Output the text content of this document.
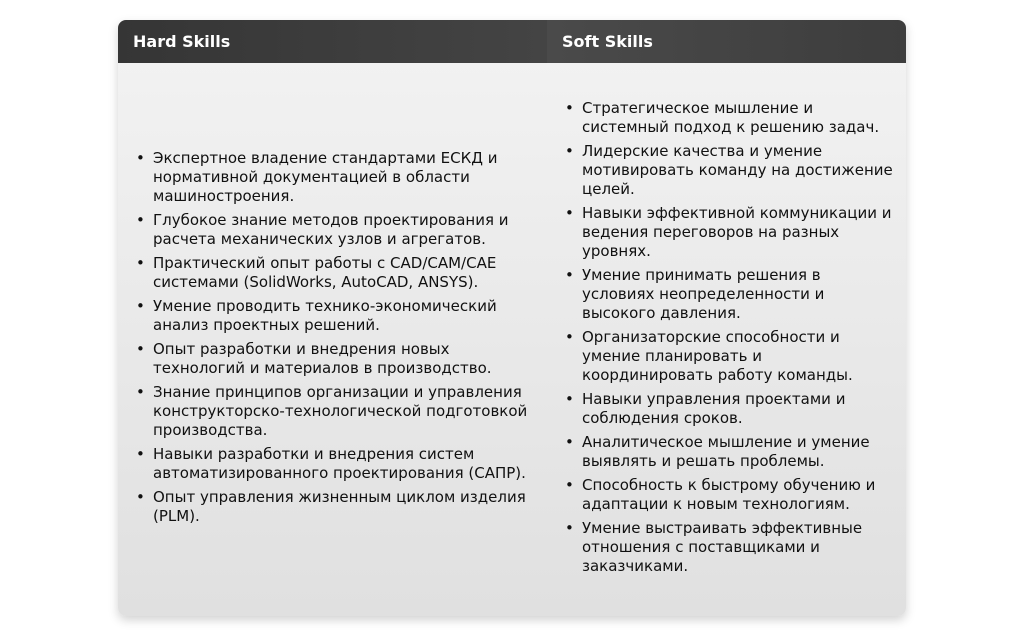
Hard Skills	Soft Skills
• Экспертное владение стандартами ЕСКД и нормативной документацией в области машиностроения.
• Глубокое знание методов проектирования и расчета механических узлов и агрегатов.
• Практический опыт работы с CAD/CAM/CAE системами (SolidWorks, AutoCAD, ANSYS).
• Умение проводить технико-экономический анализ проектных решений.
• Опыт разработки и внедрения новых технологий и материалов в производство.
• Знание принципов организации и управления конструкторско-технологической подготовкой производства.
• Навыки разработки и внедрения систем автоматизированного проектирования (САПР).
• Опыт управления жизненным циклом изделия (PLM).
• Стратегическое мышление и системный подход к решению задач.
• Лидерские качества и умение мотивировать команду на достижение целей.
• Навыки эффективной коммуникации и ведения переговоров на разных уровнях.
• Умение принимать решения в условиях неопределенности и высокого давления.
• Организаторские способности и умение планировать и координировать работу команды.
• Навыки управления проектами и соблюдения сроков.
• Аналитическое мышление и умение выявлять и решать проблемы.
• Способность к быстрому обучению и адаптации к новым технологиям.
• Умение выстраивать эффективные отношения с поставщиками и заказчиками.
